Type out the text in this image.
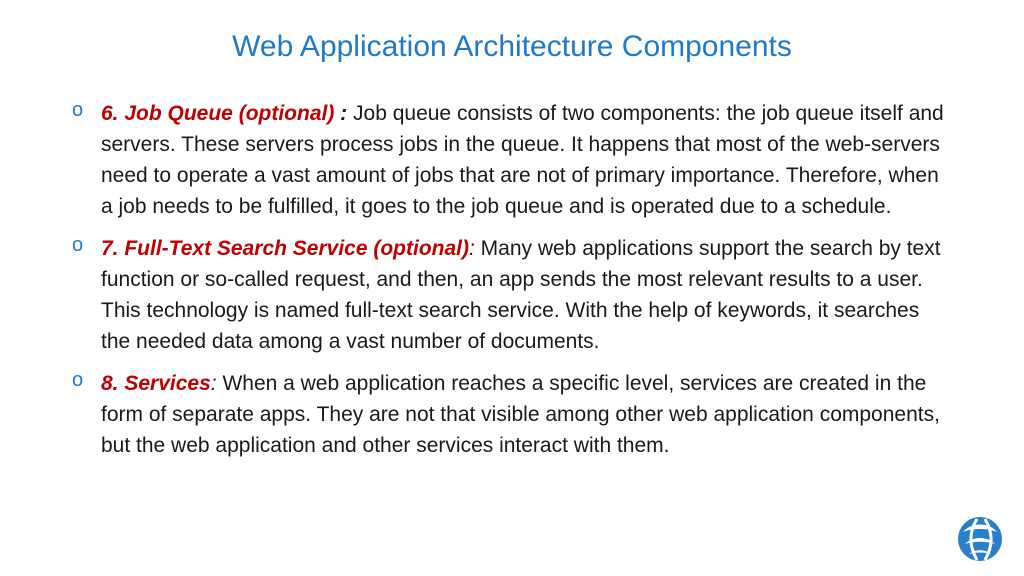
Web Application Architecture Components
o 6. Job Queue (optional) : Job queue consists of two components: the job queue itself and servers. These servers process jobs in the queue. It happens that most of the web-servers need to operate a vast amount of jobs that are not of primary importance. Therefore, when a job needs to be fulfilled, it goes to the job queue and is operated due to a schedule.
o 7. Full-Text Search Service (optional): Many web applications support the search by text function or so-called request, and then, an app sends the most relevant results to a user. This technology is named full-text search service. With the help of keywords, it searches the needed data among a vast number of documents.
o 8. Services: When a web application reaches a specific level, services are created in the form of separate apps. They are not that visible among other web application components, but the web application and other services interact with them.
